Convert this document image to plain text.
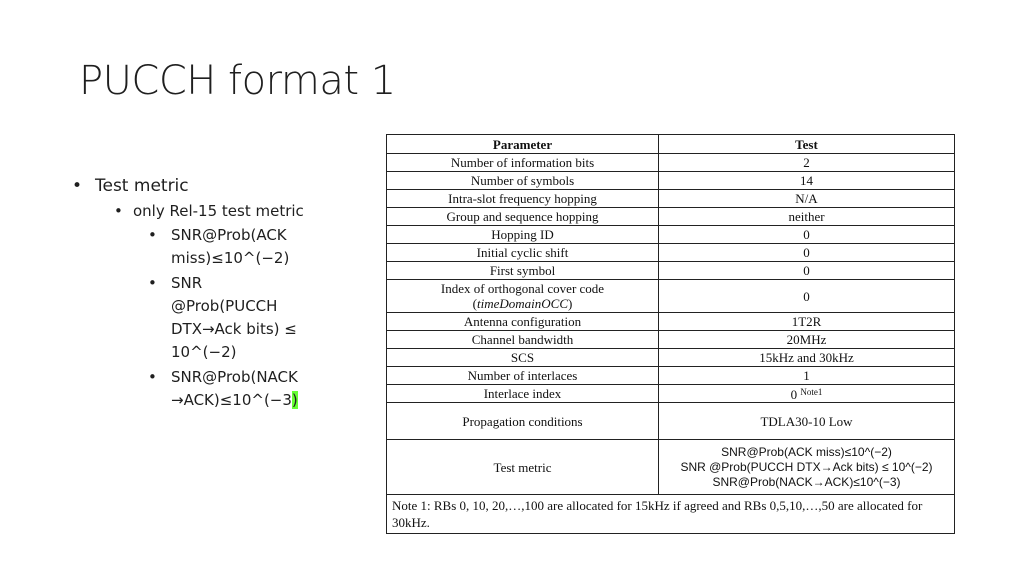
PUCCH format 1
• Test metric
• only Rel-15 test metric
• SNR@Prob(ACK miss)≤10^(−2)
• SNR @Prob(PUCCH DTX→Ack bits) ≤ 10^(−2)
• SNR@Prob(NACK →ACK)≤10^(−3)
Parameter	Test
Number of information bits	2
Number of symbols	14
Intra-slot frequency hopping	N/A
Group and sequence hopping	neither
Hopping ID	0
Initial cyclic shift	0
First symbol	0
Index of orthogonal cover code
(timeDomainOCC)	0
Antenna configuration	1T2R
Channel bandwidth	20MHz
SCS	15kHz and 30kHz
Number of interlaces	1
Interlace index	0 $^{Note1}$
Propagation conditions	TDLA30-10 Low
Test metric	SNR@Prob(ACK miss)≤10^(−2)
SNR @Prob(PUCCH DTX→Ack bits) ≤ 10^(−2)
SNR@Prob(NACK→ACK)≤10^(−3)

Note 1: RBs 0, 10, 20,…,100 are allocated for 15kHz if agreed and RBs 0,5,10,…,50 are allocated for 30kHz.	
